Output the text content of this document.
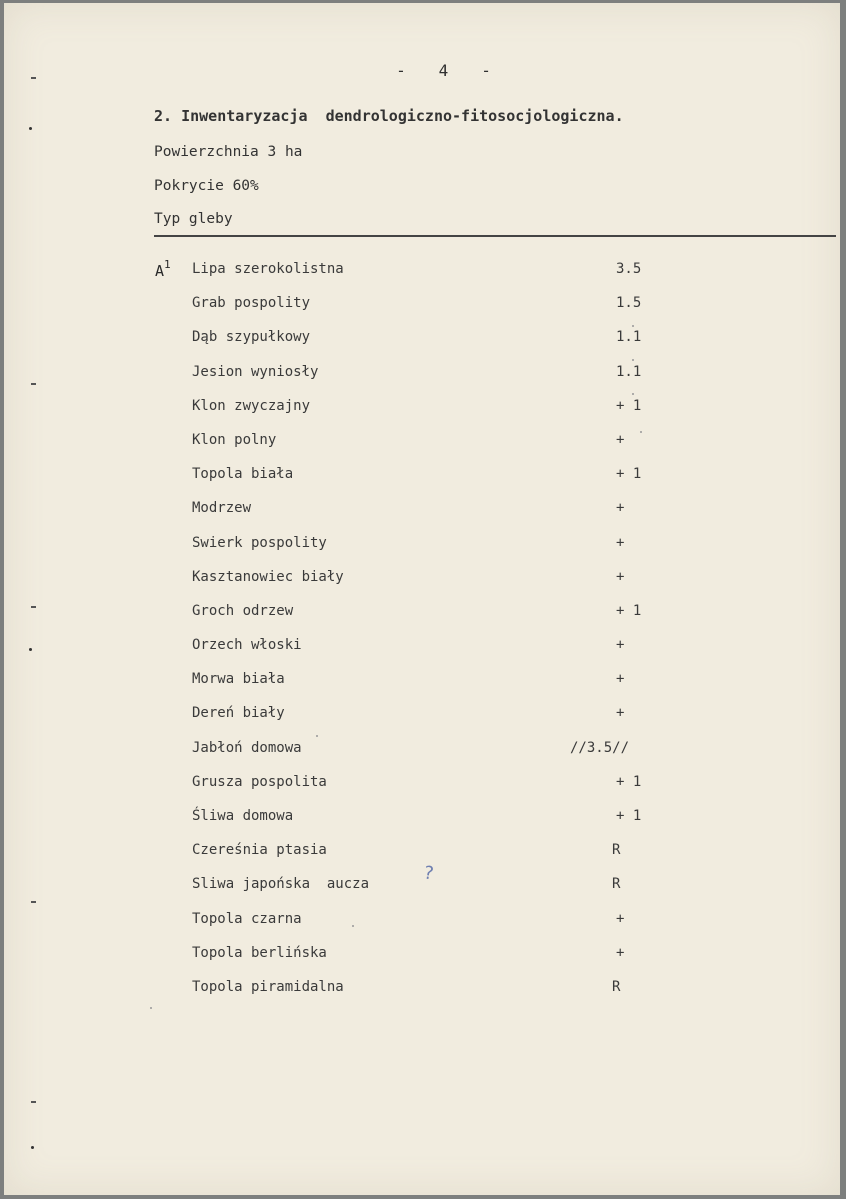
-   4   -
2. Inwentaryzacja  dendrologiczno-fitosocjologiczna.
Powierzchnia 3 ha
Pokrycie 60%
Typ gleby
$A^1$ Lipa szerokolistna	3.5
Grab pospolity	1.5
Dąb szypułkowy	1.1
Jesion wyniosły	1.1
Klon zwyczajny	+ 1
Klon polny	+
Topola biała	+ 1
Modrzew	+
Swierk pospolity	+
Kasztanowiec biały	+
Groch odrzew	+ 1
Orzech włoski	+
Morwa biała	+
Dereń biały	+
Jabłoń domowa	//3.5//
Grusza pospolita	+ 1
Śliwa domowa	+ 1
Czereśnia ptasia	R
Sliwa japońska  aucza	R
Topola czarna	+
Topola berlińska	+
Topola piramidalna	R
?
